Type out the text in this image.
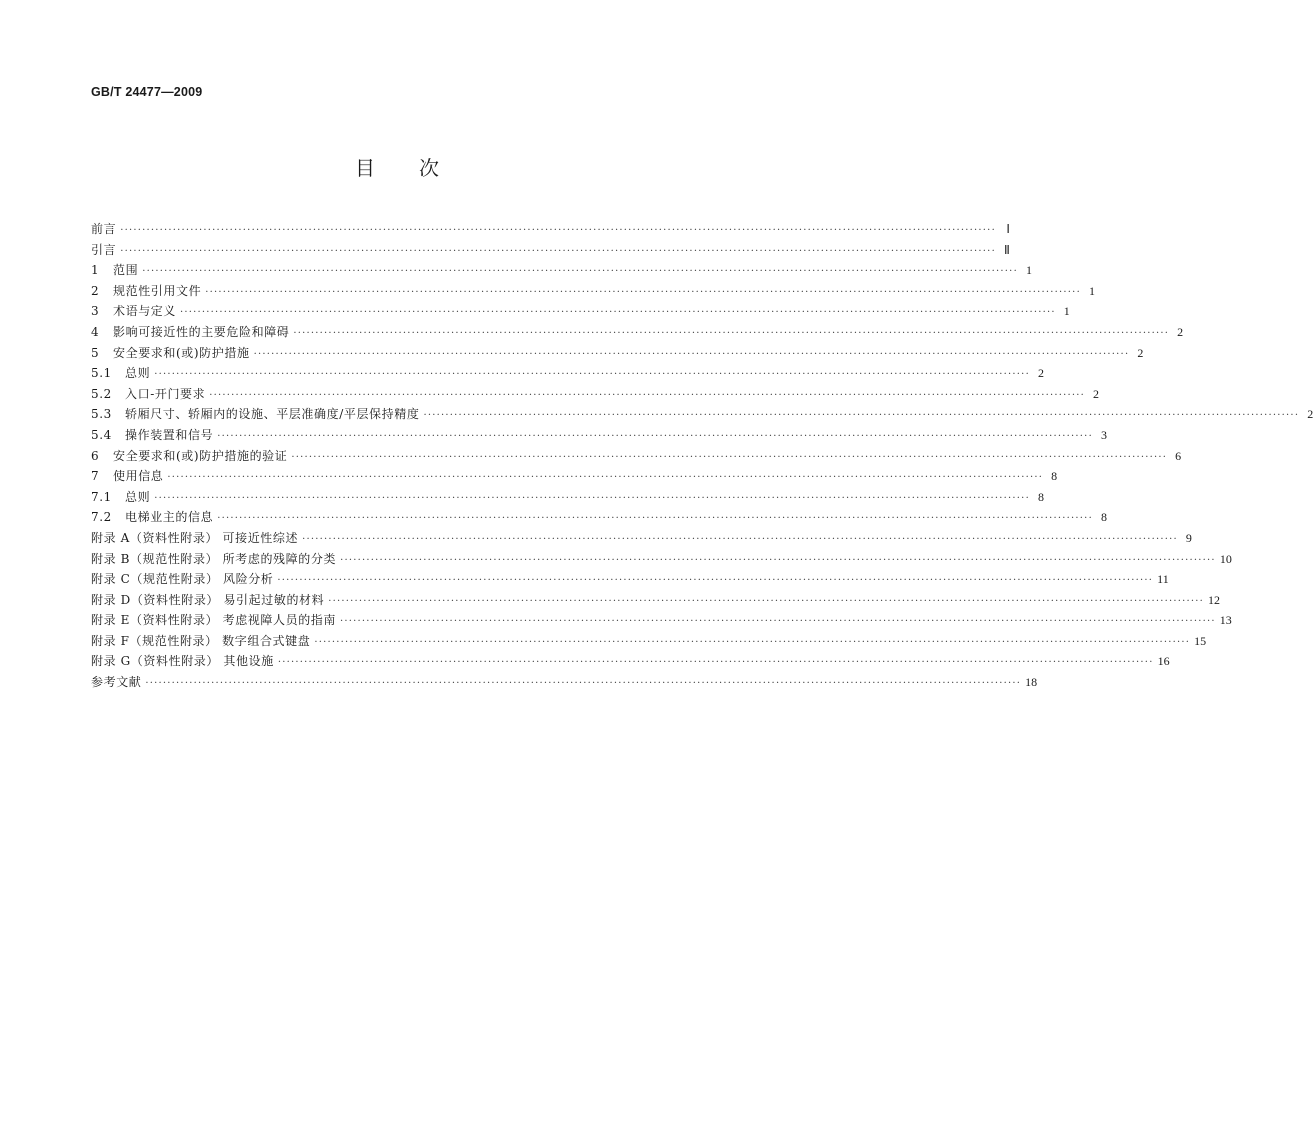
GB/T 24477—2009
目 次
前言 ········································································································································································································ Ⅰ
引言 ········································································································································································································ Ⅱ
1 范围 ········································································································································································································ 1
2 规范性引用文件 ········································································································································································································ 1
3 术语与定义 ········································································································································································································ 1
4 影响可接近性的主要危险和障碍 ········································································································································································································ 2
5 安全要求和(或)防护措施 ········································································································································································································ 2
5.1 总则 ········································································································································································································ 2
5.2 入口-开门要求 ········································································································································································································ 2
5.3 轿厢尺寸、轿厢内的设施、平层准确度/平层保持精度 ········································································································································································································ 2
5.4 操作装置和信号 ········································································································································································································ 3
6 安全要求和(或)防护措施的验证 ········································································································································································································ 6
7 使用信息 ········································································································································································································ 8
7.1 总则 ········································································································································································································ 8
7.2 电梯业主的信息 ········································································································································································································ 8
附录 A（资料性附录） 可接近性综述 ········································································································································································································ 9
附录 B（规范性附录） 所考虑的残障的分类 ········································································································································································································ 10
附录 C（规范性附录） 风险分析 ········································································································································································································ 11
附录 D（资料性附录） 易引起过敏的材料 ········································································································································································································ 12
附录 E（资料性附录） 考虑视障人员的指南 ········································································································································································································ 13
附录 F（规范性附录） 数字组合式键盘 ········································································································································································································ 15
附录 G（资料性附录） 其他设施 ········································································································································································································ 16
参考文献 ········································································································································································································ 18
